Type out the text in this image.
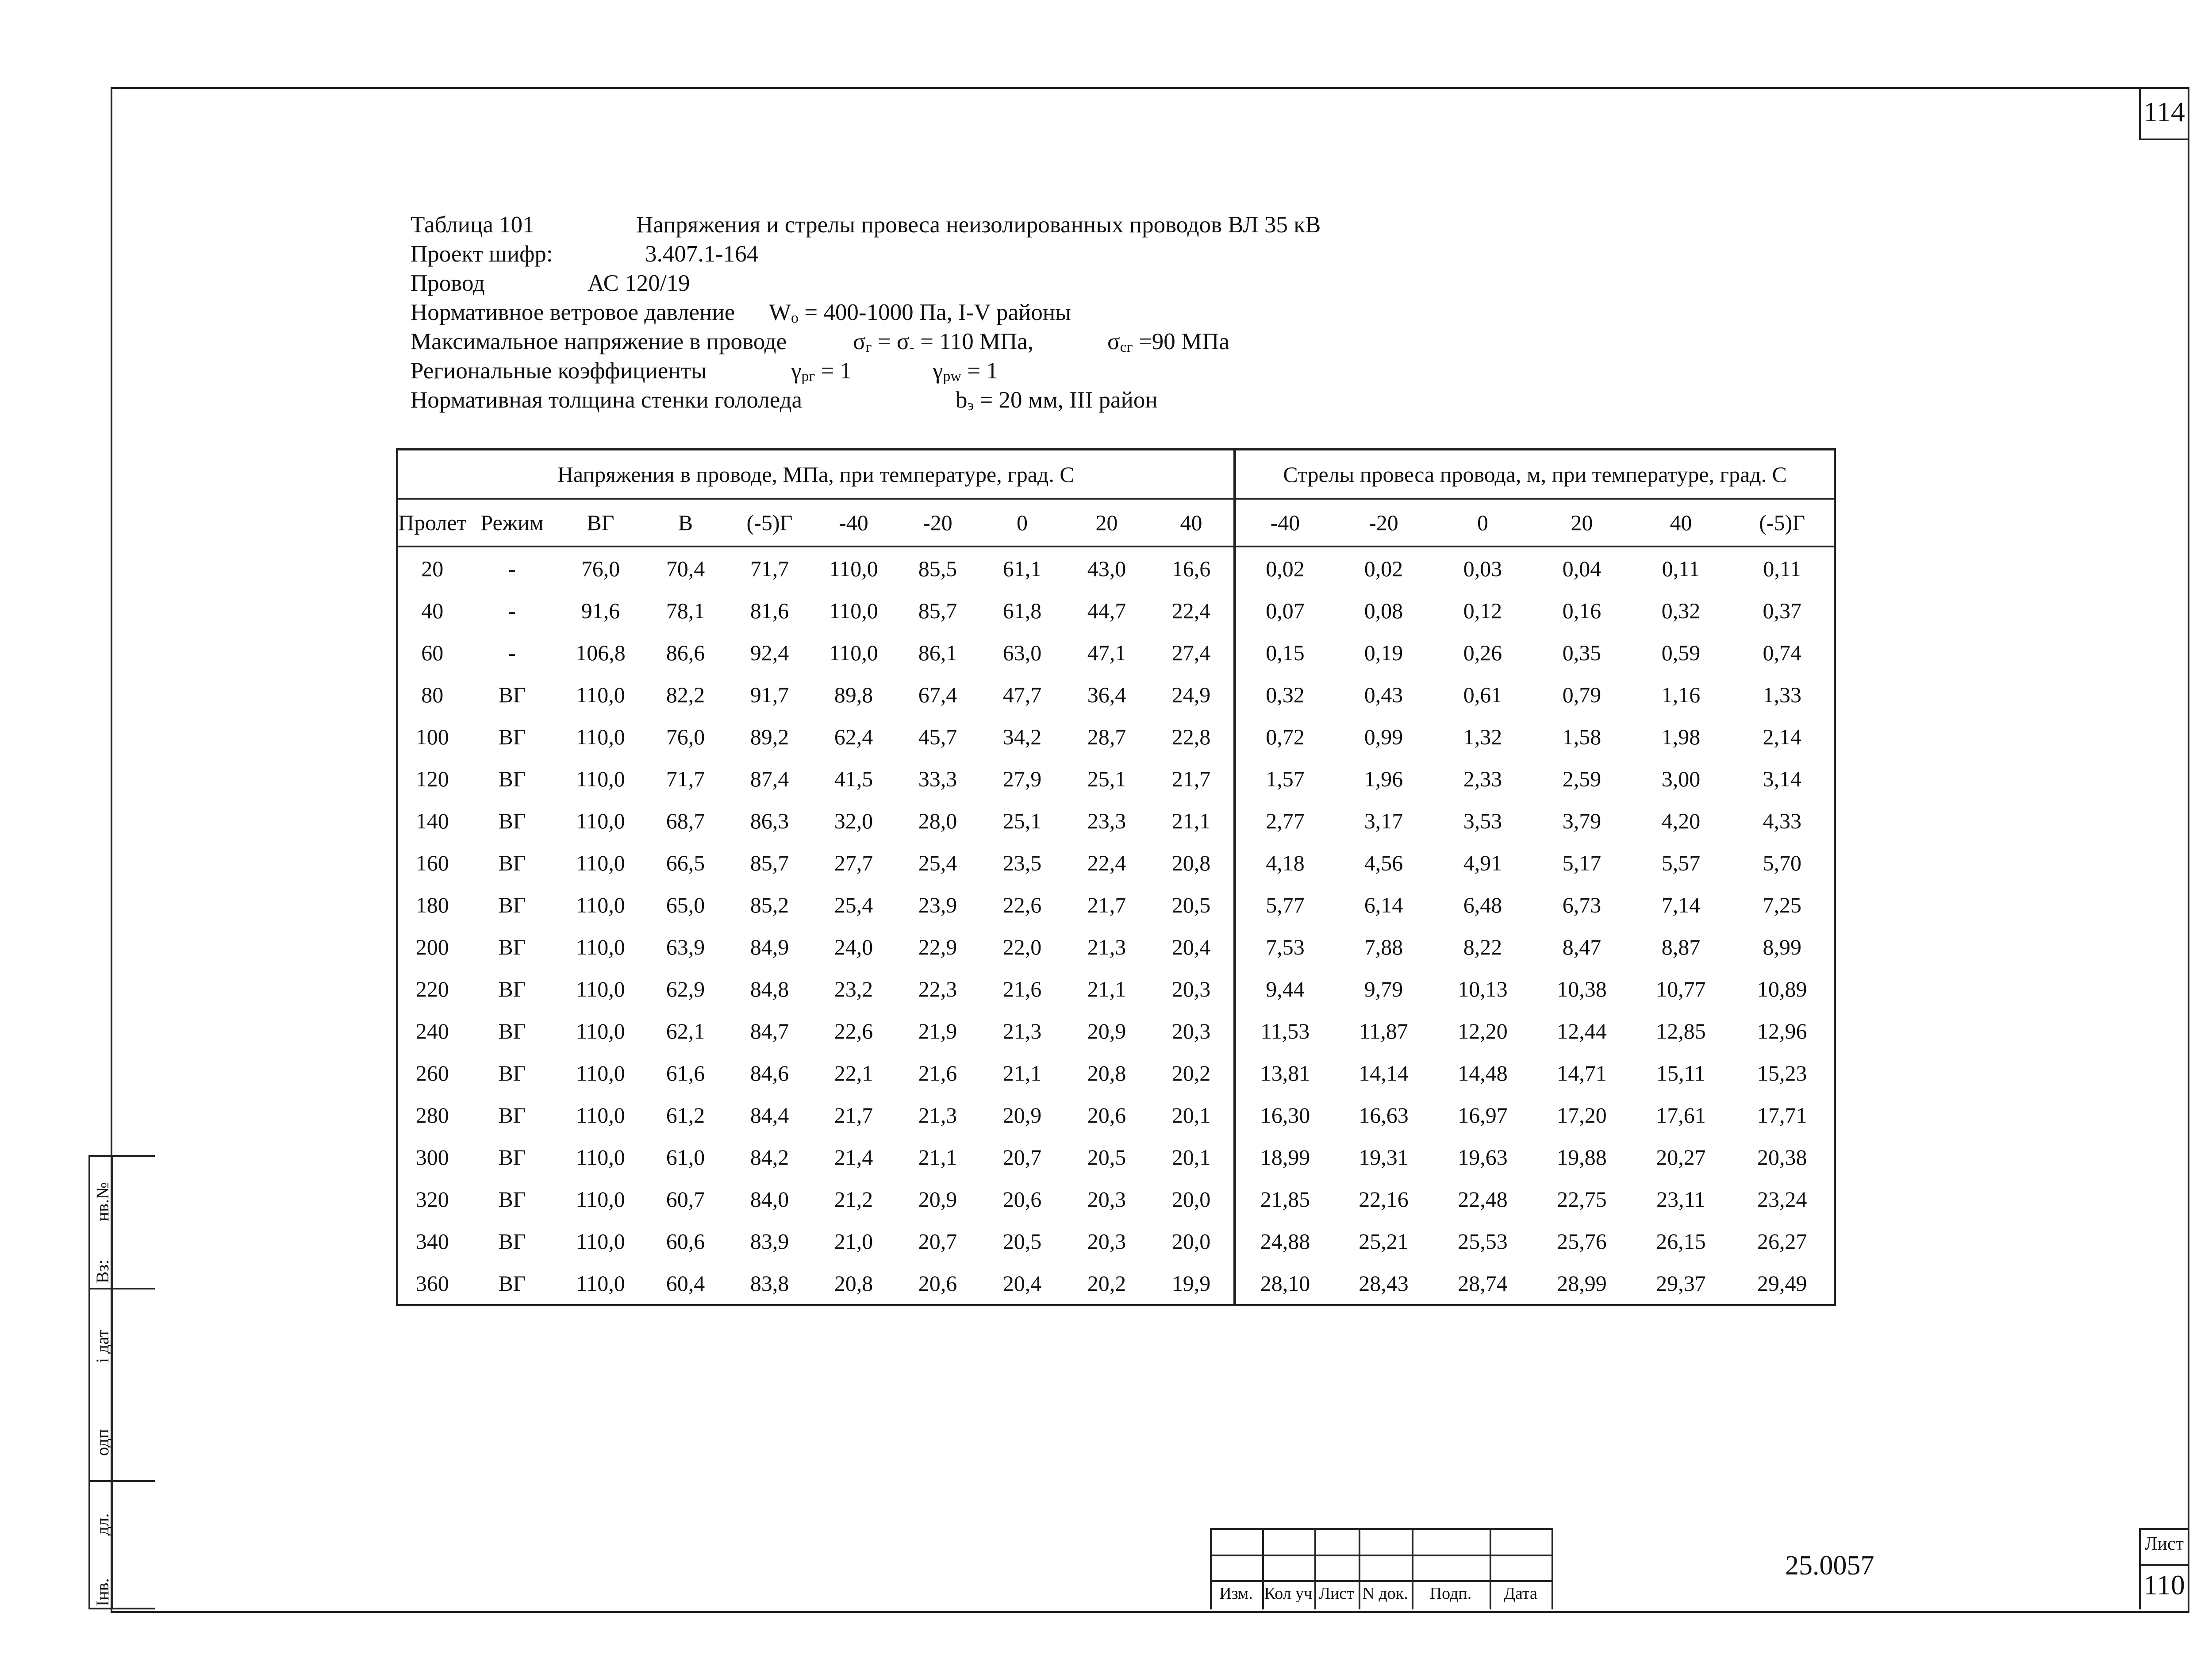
114
Таблица 101	Напряжения и стрелы провеса неизолированных проводов ВЛ 35 кВ
Проект шифр:	3.407.1-164
Провод	АС 120/19
Нормативное ветровое давление $W_o = 400-1000$ Па, I-V районы
Максимальное напряжение в проводе	$\sigma_г = \sigma_- = 110$ МПа,	$\sigma_{сг} =90$ МПа
Региональные коэффициенты	$\gamma_{pг} = 1$	$\gamma_{pw} = 1$
Нормативная толщина стенки гололеда	$b_э = 20$ мм, III район
Напряжения в проводе, МПа, при температуре, град. С										Стрелы провеса провода, м, при температуре, град. С					
Пролет	Режим	ВГ	В	(-5)Г	-40	-20	0	20	40	-40	-20	0	20	40	(-5)Г
20	-	76,0	70,4	71,7	110,0	85,5	61,1	43,0	16,6	0,02	0,02	0,03	0,04	0,11	0,11
40	-	91,6	78,1	81,6	110,0	85,7	61,8	44,7	22,4	0,07	0,08	0,12	0,16	0,32	0,37
60	-	106,8	86,6	92,4	110,0	86,1	63,0	47,1	27,4	0,15	0,19	0,26	0,35	0,59	0,74
80	ВГ	110,0	82,2	91,7	89,8	67,4	47,7	36,4	24,9	0,32	0,43	0,61	0,79	1,16	1,33
100	ВГ	110,0	76,0	89,2	62,4	45,7	34,2	28,7	22,8	0,72	0,99	1,32	1,58	1,98	2,14
120	ВГ	110,0	71,7	87,4	41,5	33,3	27,9	25,1	21,7	1,57	1,96	2,33	2,59	3,00	3,14
140	ВГ	110,0	68,7	86,3	32,0	28,0	25,1	23,3	21,1	2,77	3,17	3,53	3,79	4,20	4,33
160	ВГ	110,0	66,5	85,7	27,7	25,4	23,5	22,4	20,8	4,18	4,56	4,91	5,17	5,57	5,70
180	ВГ	110,0	65,0	85,2	25,4	23,9	22,6	21,7	20,5	5,77	6,14	6,48	6,73	7,14	7,25
200	ВГ	110,0	63,9	84,9	24,0	22,9	22,0	21,3	20,4	7,53	7,88	8,22	8,47	8,87	8,99
220	ВГ	110,0	62,9	84,8	23,2	22,3	21,6	21,1	20,3	9,44	9,79	10,13	10,38	10,77	10,89
240	ВГ	110,0	62,1	84,7	22,6	21,9	21,3	20,9	20,3	11,53	11,87	12,20	12,44	12,85	12,96
260	ВГ	110,0	61,6	84,6	22,1	21,6	21,1	20,8	20,2	13,81	14,14	14,48	14,71	15,11	15,23
280	ВГ	110,0	61,2	84,4	21,7	21,3	20,9	20,6	20,1	16,30	16,63	16,97	17,20	17,61	17,71
300	ВГ	110,0	61,0	84,2	21,4	21,1	20,7	20,5	20,1	18,99	19,31	19,63	19,88	20,27	20,38
320	ВГ	110,0	60,7	84,0	21,2	20,9	20,6	20,3	20,0	21,85	22,16	22,48	22,75	23,11	23,24
340	ВГ	110,0	60,6	83,9	21,0	20,7	20,5	20,3	20,0	24,88	25,21	25,53	25,76	26,15	26,27
360	ВГ	110,0	60,4	83,8	20,8	20,6	20,4	20,2	19,9	28,10	28,43	28,74	28,99	29,37	29,49
нв.№
Вз:
і дат
одп
дл.
Інв.	Изм. Кол уч Лист N док.	Подп.	Дата
25.0057
Лист
110
